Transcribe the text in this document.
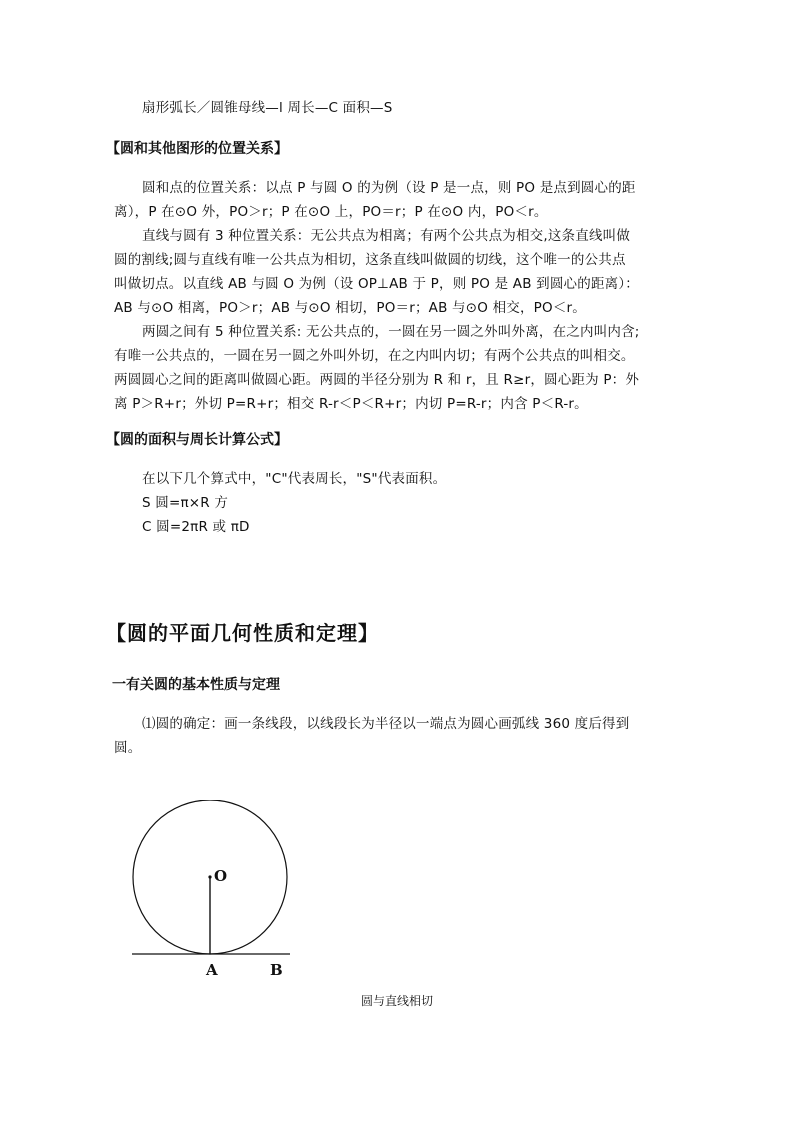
扇形弧长／圆锥母线—l 周长—C 面积—S
【圆和其他图形的位置关系】
圆和点的位置关系：以点 P 与圆 O 的为例（设 P 是一点，则 PO 是点到圆心的距
离），P 在⊙O 外，PO＞r；P 在⊙O 上，PO＝r；P 在⊙O 内，PO＜r。
直线与圆有 3 种位置关系：无公共点为相离；有两个公共点为相交,这条直线叫做
圆的割线;圆与直线有唯一公共点为相切，这条直线叫做圆的切线，这个唯一的公共点
叫做切点。以直线 AB 与圆 O 为例（设 OP⊥AB 于 P，则 PO 是 AB 到圆心的距离）：
AB 与⊙O 相离，PO＞r；AB 与⊙O 相切，PO＝r；AB 与⊙O 相交，PO＜r。
两圆之间有 5 种位置关系: 无公共点的，一圆在另一圆之外叫外离，在之内叫内含;
有唯一公共点的，一圆在另一圆之外叫外切，在之内叫内切；有两个公共点的叫相交。
两圆圆心之间的距离叫做圆心距。两圆的半径分别为 R 和 r，且 R≥r，圆心距为 P：外
离 P＞R+r；外切 P=R+r；相交 R-r＜P＜R+r；内切 P=R-r；内含 P＜R-r。
【圆的面积与周长计算公式】
在以下几个算式中，"C"代表周长，"S"代表面积。
S 圆=π×R 方
C 圆=2πR 或 πD
【圆的平面几何性质和定理】
一有关圆的基本性质与定理
⑴圆的确定：画一条线段，以线段长为半径以一端点为圆心画弧线 360 度后得到
圆。
O
A	B
圆与直线相切
